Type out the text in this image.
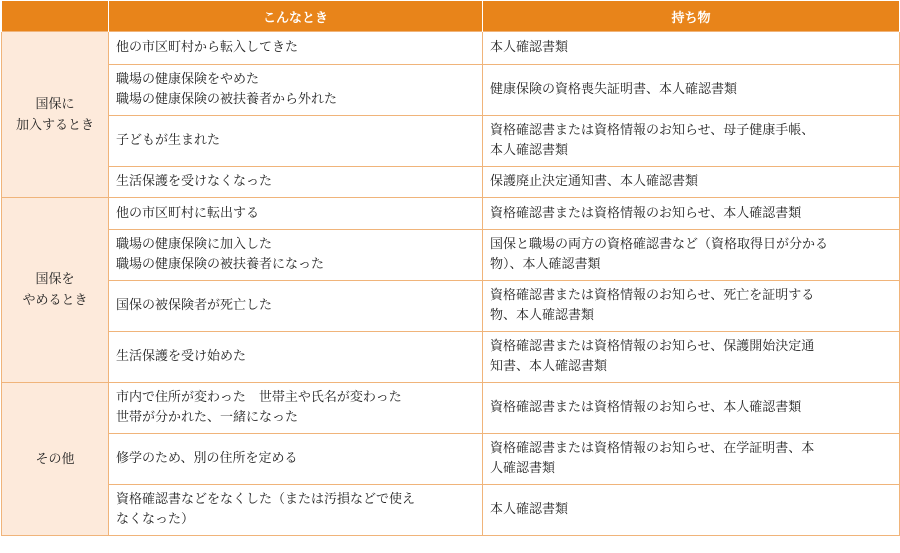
	こんなとき	持ち物

国保に
加入するとき	他の市区町村から転入してきた	本人確認書類

	職場の健康保険をやめた
職場の健康保険の被扶養者から外れた	健康保険の資格喪失証明書、本人確認書類

	子どもが生まれた	資格確認書または資格情報のお知らせ、母子健康手帳、
本人確認書類

	生活保護を受けなくなった	保護廃止決定通知書、本人確認書類

国保を
やめるとき	他の市区町村に転出する	資格確認書または資格情報のお知らせ、本人確認書類

	職場の健康保険に加入した
職場の健康保険の被扶養者になった	国保と職場の両方の資格確認書など（資格取得日が分かる
物）、本人確認書類

	国保の被保険者が死亡した	資格確認書または資格情報のお知らせ、死亡を証明する
物、本人確認書類

	生活保護を受け始めた	資格確認書または資格情報のお知らせ、保護開始決定通
知書、本人確認書類

その他	市内で住所が変わった　世帯主や氏名が変わった
世帯が分かれた、一緒になった	資格確認書または資格情報のお知らせ、本人確認書類

	修学のため、別の住所を定める	資格確認書または資格情報のお知らせ、在学証明書、本
人確認書類

	資格確認書などをなくした（または汚損などで使え
なくなった）	本人確認書類
